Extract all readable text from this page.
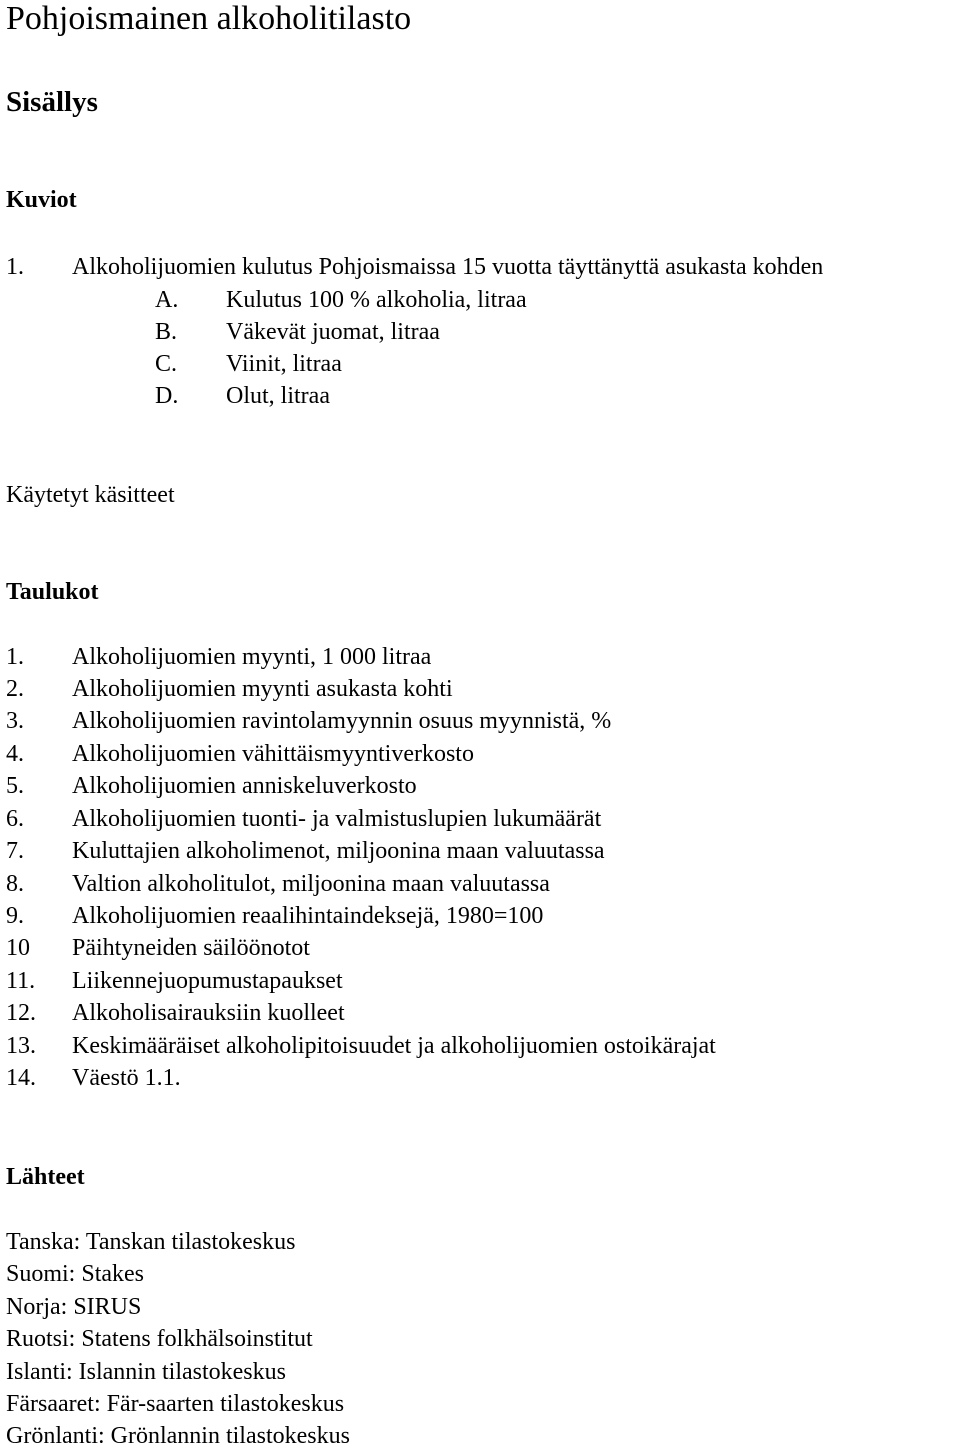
Pohjoismainen alkoholitilasto
Sisällys
Kuviot
1. Alkoholijuomien kulutus Pohjoismaissa 15 vuotta täyttänyttä asukasta kohden
A. Kulutus 100 % alkoholia, litraa
B. Väkevät juomat, litraa
C. Viinit, litraa
D. Olut, litraa
Käytetyt käsitteet
Taulukot
1. Alkoholijuomien myynti, 1 000 litraa
2. Alkoholijuomien myynti asukasta kohti
3. Alkoholijuomien ravintolamyynnin osuus myynnistä, %
4. Alkoholijuomien vähittäismyyntiverkosto
5. Alkoholijuomien anniskeluverkosto
6. Alkoholijuomien tuonti- ja valmistuslupien lukumäärät
7. Kuluttajien alkoholimenot, miljoonina maan valuutassa
8. Valtion alkoholitulot, miljoonina maan valuutassa
9. Alkoholijuomien reaalihintaindeksejä, 1980=100
10 Päihtyneiden säilöönotot
11. Liikennejuopumustapaukset
12. Alkoholisairauksiin kuolleet
13. Keskimääräiset alkoholipitoisuudet ja alkoholijuomien ostoikärajat
14. Väestö 1.1.
Lähteet
Tanska: Tanskan tilastokeskus
Suomi: Stakes
Norja: SIRUS
Ruotsi: Statens folkhälsoinstitut
Islanti: Islannin tilastokeskus
Färsaaret: Fär-saarten tilastokeskus
Grönlanti: Grönlannin tilastokeskus
